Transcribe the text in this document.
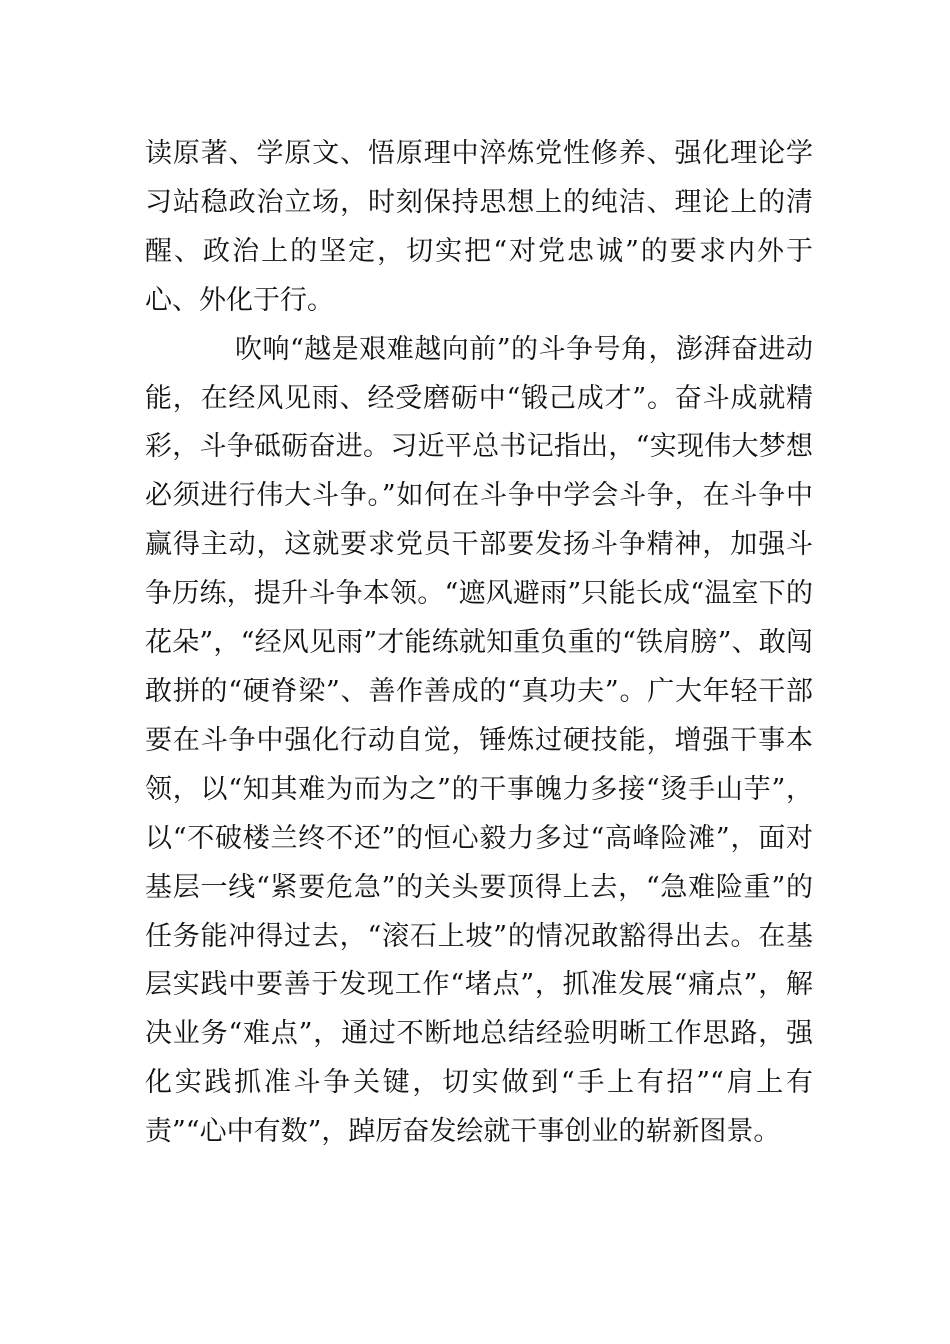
读原著、学原文、悟原理中淬炼党性修养、强化理论学习站稳政治立场，时刻保持思想上的纯洁、理论上的清醒、政治上的坚定，切实把“对党忠诚”的要求内外于心、外化于行。

吹响“越是艰难越向前”的斗争号角，澎湃奋进动能，在经风见雨、经受磨砺中“锻己成才”。奋斗成就精彩，斗争砥砺奋进。习近平总书记指出，“实现伟大梦想必须进行伟大斗争。”如何在斗争中学会斗争，在斗争中赢得主动，这就要求党员干部要发扬斗争精神，加强斗争历练，提升斗争本领。“遮风避雨”只能长成“温室下的花朵”，“经风见雨”才能练就知重负重的“铁肩膀”、敢闯敢拼的“硬脊梁”、善作善成的“真功夫”。广大年轻干部要在斗争中强化行动自觉，锤炼过硬技能，增强干事本领，以“知其难为而为之”的干事魄力多接“烫手山芋”，以“不破楼兰终不还”的恒心毅力多过“高峰险滩”，面对基层一线“紧要危急”的关头要顶得上去，“急难险重”的任务能冲得过去，“滚石上坡”的情况敢豁得出去。在基层实践中要善于发现工作“堵点”，抓准发展“痛点”，解决业务“难点”，通过不断地总结经验明晰工作思路，强化实践抓准斗争关键，切实做到“手上有招”“肩上有责”“心中有数”，踔厉奋发绘就干事创业的崭新图景。
